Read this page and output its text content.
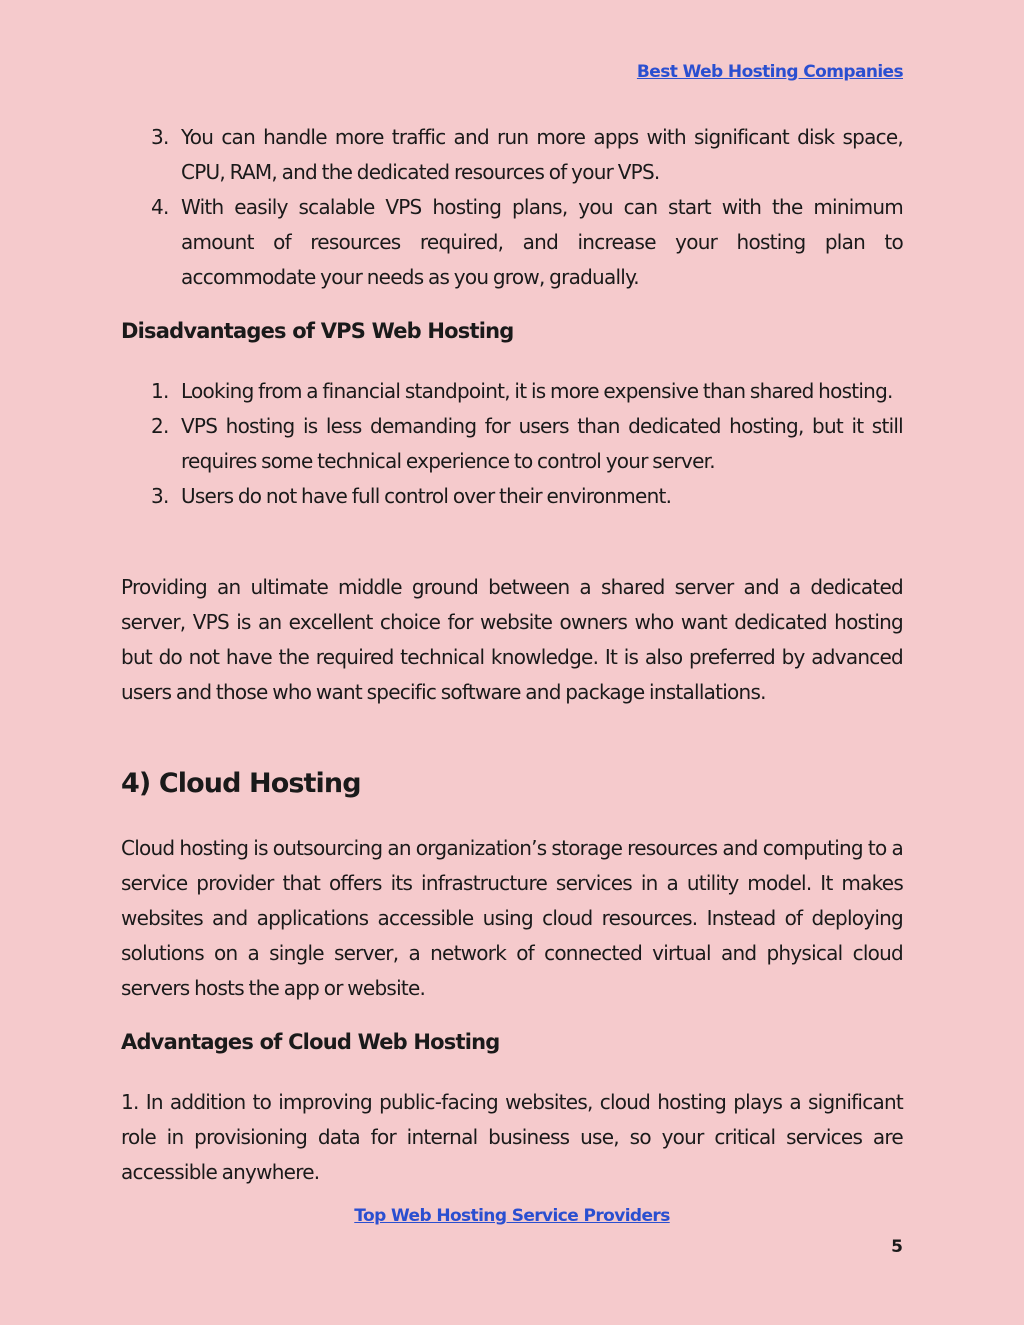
Best Web Hosting Companies
3. You can handle more traffic and run more apps with significant disk space, CPU, RAM, and the dedicated resources of your VPS.
4. With easily scalable VPS hosting plans, you can start with the minimum amount of resources required, and increase your hosting plan to accommodate your needs as you grow, gradually.
Disadvantages of VPS Web Hosting
1. Looking from a financial standpoint, it is more expensive than shared hosting.
2. VPS hosting is less demanding for users than dedicated hosting, but it still requires some technical experience to control your server.
3. Users do not have full control over their environment.

Providing an ultimate middle ground between a shared server and a dedicated server, VPS is an excellent choice for website owners who want dedicated hosting but do not have the required technical knowledge. It is also preferred by advanced users and those who want specific software and package installations.

4) Cloud Hosting

Cloud hosting is outsourcing an organization’s storage resources and computing to a service provider that offers its infrastructure services in a utility model. It makes websites and applications accessible using cloud resources. Instead of deploying solutions on a single server, a network of connected virtual and physical cloud servers hosts the app or website.

Advantages of Cloud Web Hosting

1. In addition to improving public-facing websites, cloud hosting plays a significant role in provisioning data for internal business use, so your critical services are accessible anywhere.

Top Web Hosting Service Providers
5
